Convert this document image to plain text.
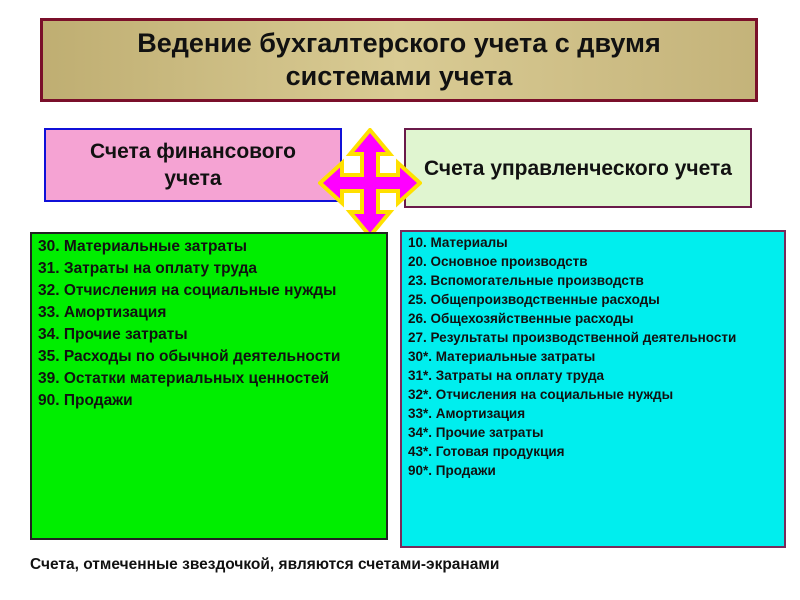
Ведение бухгалтерского учета с двумя системами учета
Счета финансового учета	Счета управленческого учета
30. Материальные затраты
31. Затраты на оплату труда
32. Отчисления на социальные нужды
33. Амортизация
34. Прочие затраты
35. Расходы по обычной деятельности
39. Остатки материальных ценностей
90. Продажи
10. Материалы
20. Основное производств
23. Вспомогательные производств
25. Общепроизводственные расходы
26. Общехозяйственные расходы
27. Результаты производственной деятельности
30*. Материальные затраты
31*. Затраты на оплату труда
32*. Отчисления на социальные нужды
33*. Амортизация
34*. Прочие затраты
43*. Готовая продукция
90*. Продажи
Счета, отмеченные звездочкой, являются счетами-экранами
